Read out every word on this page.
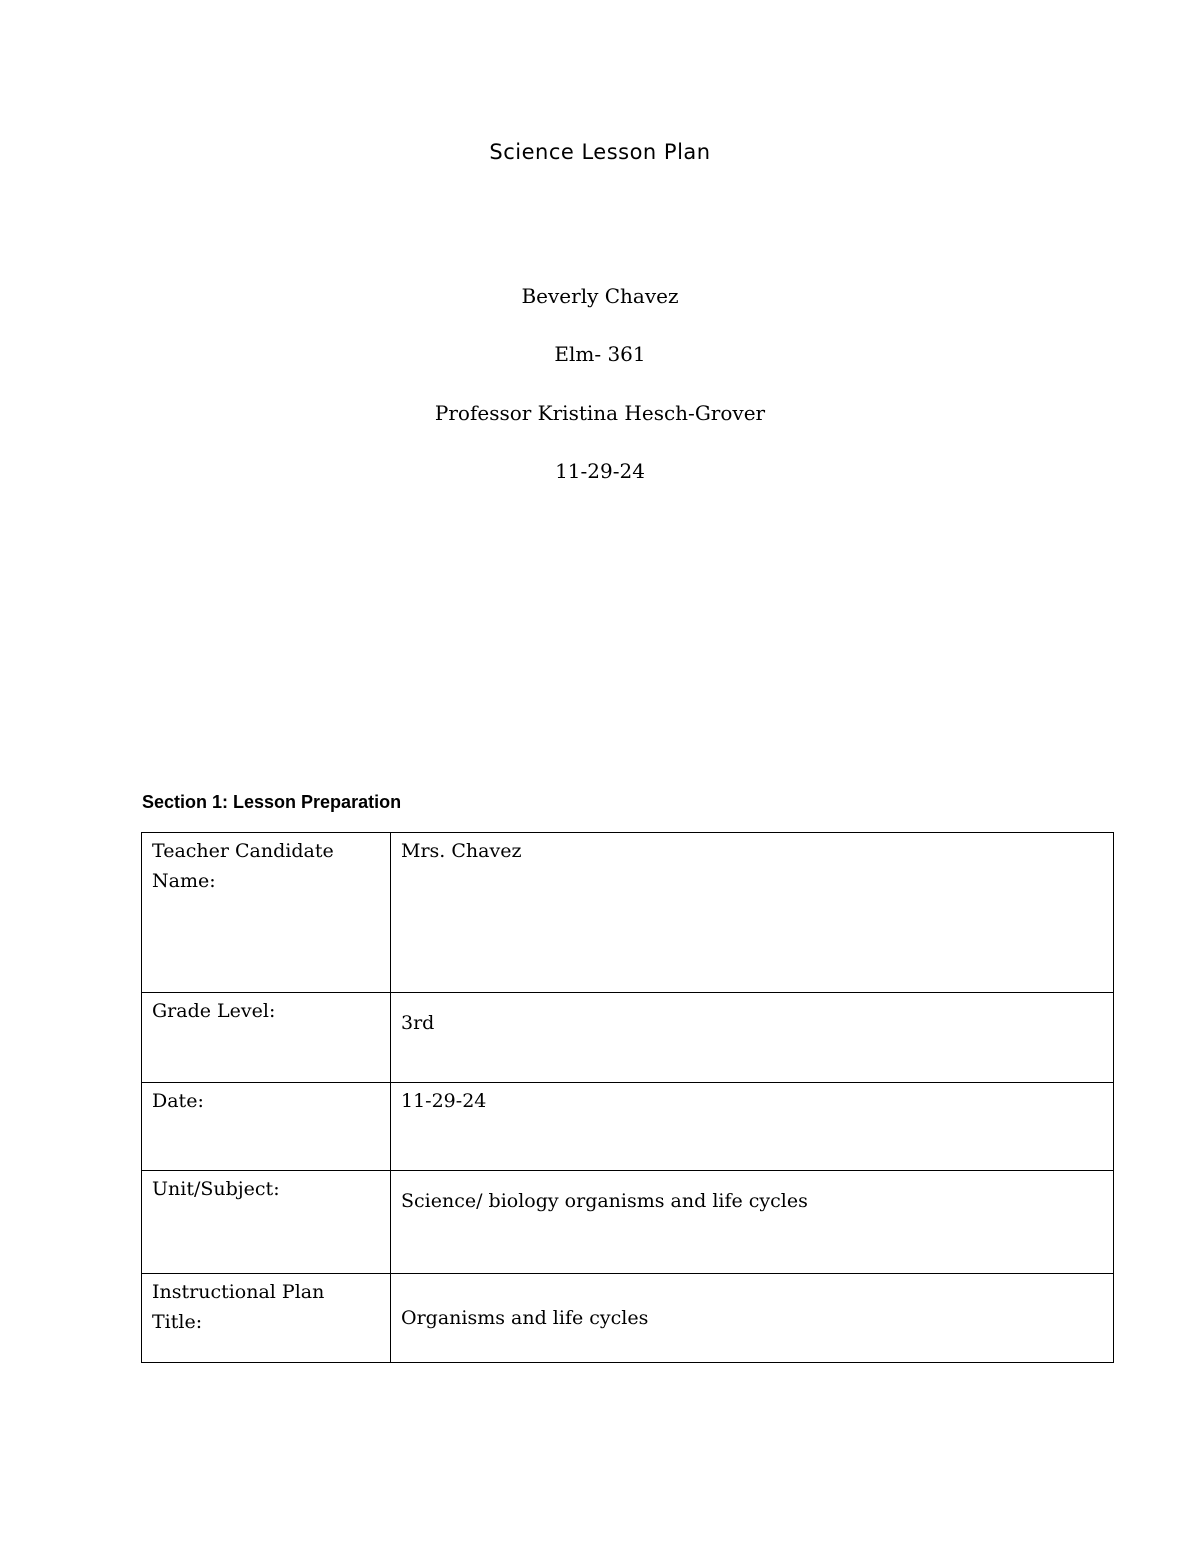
Science Lesson Plan
Beverly Chavez
Elm- 361
Professor Kristina Hesch-Grover
11-29-24
Section 1: Lesson Preparation
Teacher Candidate Name:	Mrs. Chavez
Grade Level:	3rd
Date:	11-29-24
Unit/Subject:	Science/ biology organisms and life cycles
Instructional Plan Title:	Organisms and life cycles
